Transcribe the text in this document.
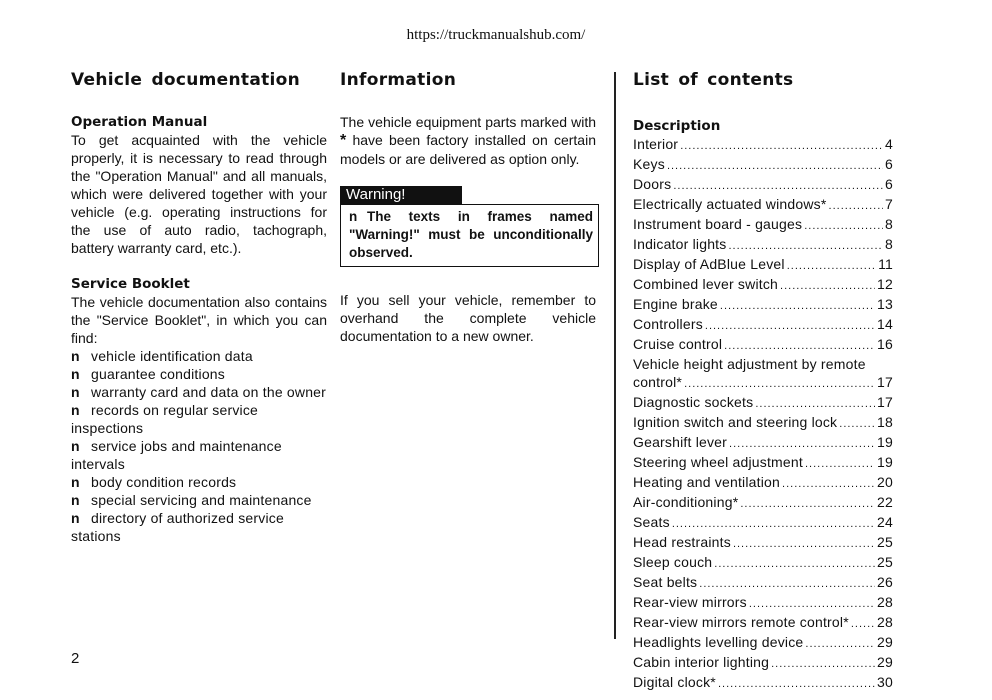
https://truckmanualshub.com/
Vehicle documentation

Operation Manual

To get acquainted with the vehicle properly, it is necessary to read through the "Operation Manual" and all manuals, which were delivered together with your vehicle (e.g. operating instructions for the use of auto radio, tachograph, battery warranty card, etc.).

Service Booklet

The vehicle documentation also contains the "Service Booklet", in which you can find:

n vehicle identification data

n guarantee conditions

n warranty card and data on the owner

n records on regular service inspections

n service jobs and maintenance intervals

n body condition records

n special servicing and maintenance

n directory of authorized service stations

Information

The vehicle equipment parts marked with * have been factory installed on certain models or are delivered as option only.

Warning!
n The texts in frames named "Warning!" must be unconditionally observed.

If you sell your vehicle, remember to overhand the complete vehicle documentation to a new owner.

List of contents

Description

Interior .....	4
Keys .....	6
Doors .....	6
Electrically actuated windows* .....	7
Instrument board - gauges .....	8
Indicator lights .....	8
Display of AdBlue Level .....	11
Combined lever switch .....	12
Engine brake .....	13
Controllers .....	14
Cruise control .....	16
Vehicle height adjustment by remote
control* .....	17
Diagnostic sockets .....	17
Ignition switch and steering lock .....	18
Gearshift lever .....	19
Steering wheel adjustment .....	19
Heating and ventilation .....	20
Air-conditioning* .....	22
Seats .....	24
Head restraints .....	25
Sleep couch .....	25
Seat belts .....	26
Rear-view mirrors .....	28
Rear-view mirrors remote control* ..... 28
Headlights levelling device .....	29
Cabin interior lighting .....	29
Digital clock* .....	30
2
